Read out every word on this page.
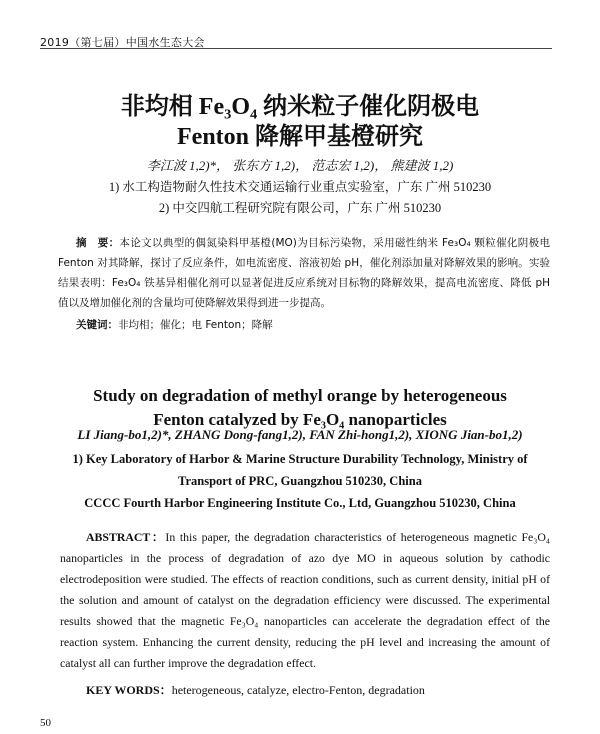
2019（第七届）中国水生态大会
非均相 Fe₃O₄ 纳米粒子催化阴极电
Fenton 降解甲基橙研究
李江波 1,2)*， 张东方 1,2)， 范志宏 1,2)， 熊建波 1,2)
1) 水工构造物耐久性技术交通运输行业重点实验室，广东 广州 510230
2) 中交四航工程研究院有限公司，广东 广州 510230
摘　要：本论文以典型的偶氮染料甲基橙(MO)为目标污染物，采用磁性纳米 Fe₃O₄ 颗粒催化阴极电 Fenton 对其降解，探讨了反应条件，如电流密度、溶液初始 pH，催化剂添加量对降解效果的影响。实验结果表明：Fe₃O₄ 铁基异相催化剂可以显著促进反应系统对目标物的降解效果，提高电流密度、降低 pH 值以及增加催化剂的含量均可使降解效果得到进一步提高。
关键词：非均相；催化；电 Fenton；降解
Study on degradation of methyl orange by heterogeneous
Fenton catalyzed by Fe₃O₄ nanoparticles
LI Jiang-bo1,2)*, ZHANG Dong-fang1,2), FAN Zhi-hong1,2), XIONG Jian-bo1,2)
1) Key Laboratory of Harbor & Marine Structure Durability Technology, Ministry of
Transport of PRC, Guangzhou 510230, China
CCCC Fourth Harbor Engineering Institute Co., Ltd, Guangzhou 510230, China
ABSTRACT：In this paper, the degradation characteristics of heterogeneous magnetic Fe₃O₄ nanoparticles in the process of degradation of azo dye MO in aqueous solution by cathodic electrodeposition were studied. The effects of reaction conditions, such as current density, initial pH of the solution and amount of catalyst on the degradation efficiency were discussed. The experimental results showed that the magnetic Fe₃O₄ nanoparticles can accelerate the degradation effect of the reaction system. Enhancing the current density, reducing the pH level and increasing the amount of catalyst all can further improve the degradation effect.
KEY WORDS：heterogeneous, catalyze, electro-Fenton, degradation
50
